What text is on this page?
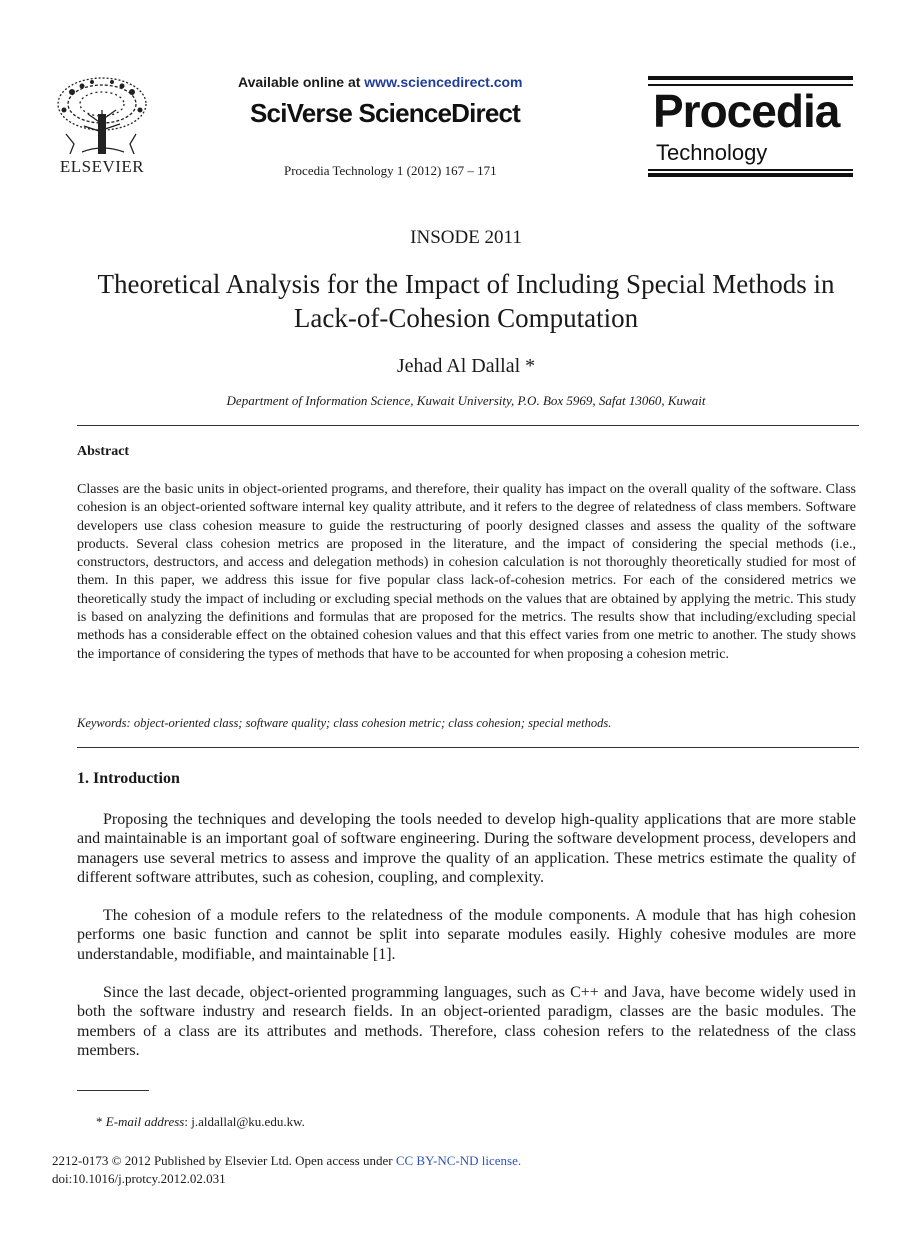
ELSEVIER
Available online at www.sciencedirect.com
SciVerse ScienceDirect
Procedia Technology 1 (2012) 167 – 171
Procedia
Technology
INSODE 2011
Theoretical Analysis for the Impact of Including Special Methods in
Lack-of-Cohesion Computation
Jehad Al Dallal *
Department of Information Science, Kuwait University, P.O. Box 5969, Safat 13060, Kuwait
Abstract
Classes are the basic units in object-oriented programs, and therefore, their quality has impact on the overall quality of the software. Class cohesion is an object-oriented software internal key quality attribute, and it refers to the degree of relatedness of class members. Software developers use class cohesion measure to guide the restructuring of poorly designed classes and assess the quality of the software products. Several class cohesion metrics are proposed in the literature, and the impact of considering the special methods (i.e., constructors, destructors, and access and delegation methods) in cohesion calculation is not thoroughly theoretically studied for most of them. In this paper, we address this issue for five popular class lack-of-cohesion metrics. For each of the considered metrics we theoretically study the impact of including or excluding special methods on the values that are obtained by applying the metric. This study is based on analyzing the definitions and formulas that are proposed for the metrics. The results show that including/excluding special methods has a considerable effect on the obtained cohesion values and that this effect varies from one metric to another. The study shows the importance of considering the types of methods that have to be accounted for when proposing a cohesion metric.
Keywords: object-oriented class; software quality; class cohesion metric; class cohesion; special methods.
1. Introduction
Proposing the techniques and developing the tools needed to develop high-quality applications that are more stable and maintainable is an important goal of software engineering. During the software development process, developers and managers use several metrics to assess and improve the quality of an application. These metrics estimate the quality of different software attributes, such as cohesion, coupling, and complexity.
The cohesion of a module refers to the relatedness of the module components. A module that has high cohesion performs one basic function and cannot be split into separate modules easily. Highly cohesive modules are more understandable, modifiable, and maintainable [1].
Since the last decade, object-oriented programming languages, such as C++ and Java, have become widely used in both the software industry and research fields. In an object-oriented paradigm, classes are the basic modules. The members of a class are its attributes and methods. Therefore, class cohesion refers to the relatedness of the class members.
* E-mail address: j.aldallal@ku.edu.kw.
2212-0173 © 2012 Published by Elsevier Ltd. Open access under CC BY-NC-ND license.
doi:10.1016/j.protcy.2012.02.031
